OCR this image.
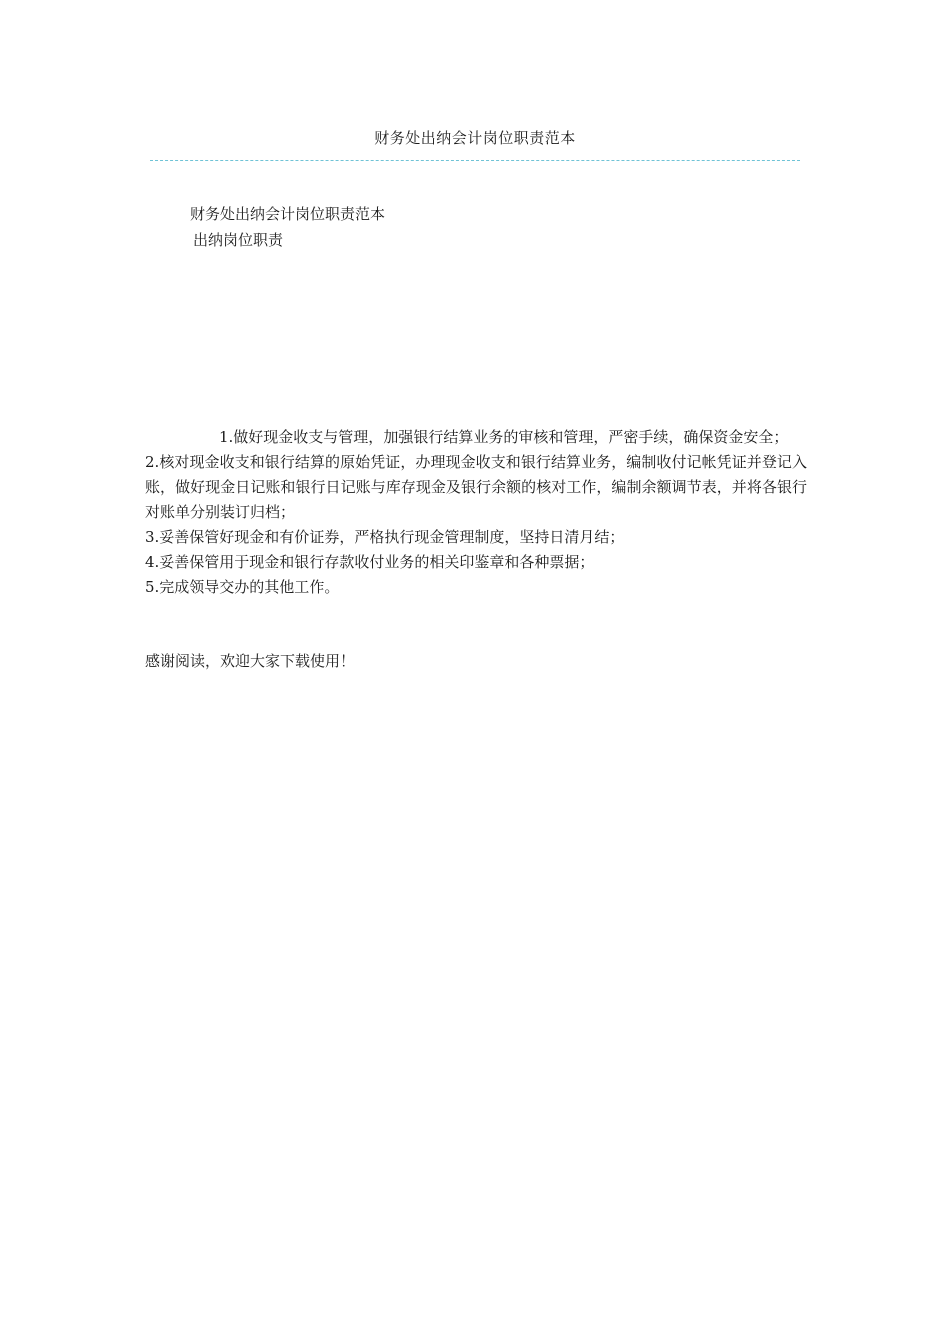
财务处出纳会计岗位职责范本
财务处出纳会计岗位职责范本
出纳岗位职责

1.做好现金收支与管理，加强银行结算业务的审核和管理，严密手续，确保资金安全；

2.核对现金收支和银行结算的原始凭证，办理现金收支和银行结算业务，编制收付记帐凭证并登记入账，做好现金日记账和银行日记账与库存现金及银行余额的核对工作，编制余额调节表，并将各银行对账单分别装订归档；

3.妥善保管好现金和有价证券，严格执行现金管理制度，坚持日清月结；

4.妥善保管用于现金和银行存款收付业务的相关印鉴章和各种票据；

5.完成领导交办的其他工作。

感谢阅读，欢迎大家下载使用！
